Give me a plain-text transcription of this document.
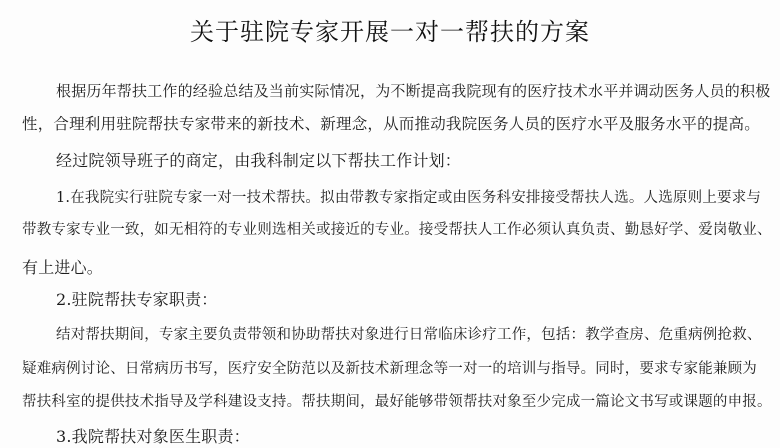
关于驻院专家开展一对一帮扶的方案
根据历年帮扶工作的经验总结及当前实际情况，为不断提高我院现有的医疗技术水平并调动医务人员的积极
性，合理利用驻院帮扶专家带来的新技术、新理念，从而推动我院医务人员的医疗水平及服务水平的提高。
经过院领导班子的商定，由我科制定以下帮扶工作计划：
1.在我院实行驻院专家一对一技术帮扶。拟由带教专家指定或由医务科安排接受帮扶人选。人选原则上要求与
带教专家专业一致，如无相符的专业则选相关或接近的专业。接受帮扶人工作必须认真负责、勤恳好学、爱岗敬业、
有上进心。
2.驻院帮扶专家职责：
结对帮扶期间，专家主要负责带领和协助帮扶对象进行日常临床诊疗工作，包括：教学查房、危重病例抢救、
疑难病例讨论、日常病历书写，医疗安全防范以及新技术新理念等一对一的培训与指导。同时，要求专家能兼顾为
帮扶科室的提供技术指导及学科建设支持。帮扶期间，最好能够带领帮扶对象至少完成一篇论文书写或课题的申报。
3.我院帮扶对象医生职责：
